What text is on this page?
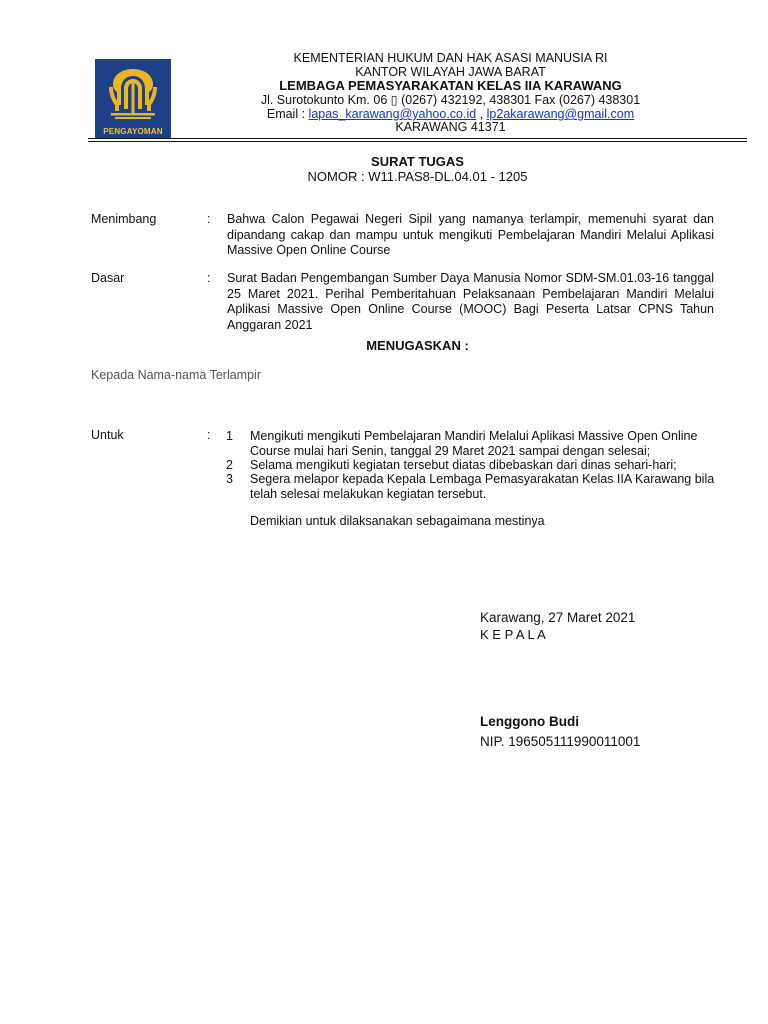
PENGAYOMAN
KEMENTERIAN HUKUM DAN HAK ASASI MANUSIA RI
KANTOR WILAYAH JAWA BARAT
LEMBAGA PEMASYARAKATAN KELAS IIA KARAWANG
Jl. Surotokunto Km. 06 ▯ (0267) 432192, 438301 Fax (0267) 438301
Email : lapas_karawang@yahoo.co.id , lp2akarawang@gmail.com
KARAWANG 41371
SURAT TUGAS
NOMOR : W11.PAS8-DL.04.01 - 1205
Menimbang	: Bahwa Calon Pegawai Negeri Sipil yang namanya terlampir, memenuhi syarat dan dipandang cakap dan mampu untuk mengikuti Pembelajaran Mandiri Melalui Aplikasi Massive Open Online Course
Dasar	: Surat Badan Pengembangan Sumber Daya Manusia Nomor SDM-SM.01.03-16 tanggal 25 Maret 2021. Perihal Pemberitahuan Pelaksanaan Pembelajaran Mandiri Melalui Aplikasi Massive Open Online Course (MOOC) Bagi Peserta Latsar CPNS Tahun Anggaran 2021
MENUGASKAN :
Kepada Nama-nama Terlampir
Untuk	: 1 Mengikuti mengikuti Pembelajaran Mandiri Melalui Aplikasi Massive Open Online Course mulai hari Senin, tanggal 29 Maret 2021 sampai dengan selesai;
2 Selama mengikuti kegiatan tersebut diatas dibebaskan dari dinas sehari-hari;
3 Segera melapor kepada Kepala Lembaga Pemasyarakatan Kelas IIA Karawang bila telah selesai melakukan kegiatan tersebut.
Demikian untuk dilaksanakan sebagaimana mestinya
Karawang, 27 Maret 2021
K E P A L A
Lenggono Budi
NIP. 196505111990011001
